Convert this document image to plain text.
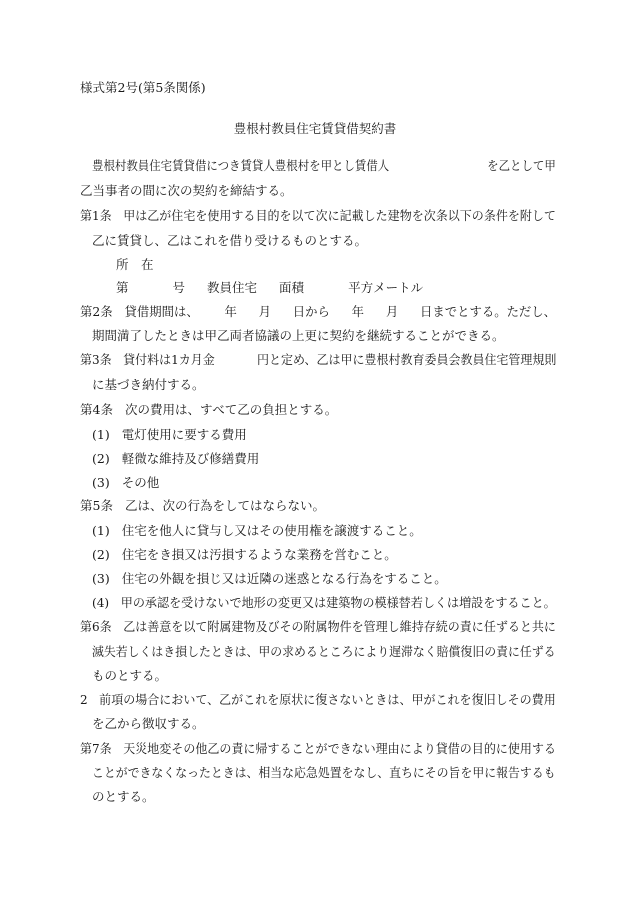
様式第2号(第5条関係)
豊根村教員住宅賃貸借契約書
豊根村教員住宅賃貸借につき賃貸人豊根村を甲とし賃借人	を乙として甲
乙当事者の間に次の契約を締結する。
第1条 甲は乙が住宅を使用する目的を以て次に記載した建物を次条以下の条件を附して
乙に賃貸し、乙はこれを借り受けるものとする。
所　在
第	号 教員住宅 面積	平方メートル
第2条 貸借期間は、 年 月 日から 年 月 日までとする。ただし、
期間満了したときは甲乙両者協議の上更に契約を継続することができる。
第3条 貸付料は1カ月金	円と定め、乙は甲に豊根村教育委員会教員住宅管理規則
に基づき納付する。
第4条 次の費用は、すべて乙の負担とする。
(1) 電灯使用に要する費用
(2) 軽微な維持及び修繕費用
(3) その他
第5条 乙は、次の行為をしてはならない。
(1) 住宅を他人に貸与し又はその使用権を譲渡すること。
(2) 住宅をき損又は汚損するような業務を営むこと。
(3) 住宅の外観を損じ又は近隣の迷惑となる行為をすること。
(4) 甲の承認を受けないで地形の変更又は建築物の模様替若しくは増設をすること。
第6条 乙は善意を以て附属建物及びその附属物件を管理し維持存続の責に任ずると共に
滅失若しくはき損したときは、甲の求めるところにより遅滞なく賠償復旧の責に任ずる
ものとする。
2 前項の場合において、乙がこれを原状に復さないときは、甲がこれを復旧しその費用
を乙から徴収する。
第7条 天災地変その他乙の責に帰することができない理由により貸借の目的に使用する
ことができなくなったときは、相当な応急処置をなし、直ちにその旨を甲に報告するも
のとする。
